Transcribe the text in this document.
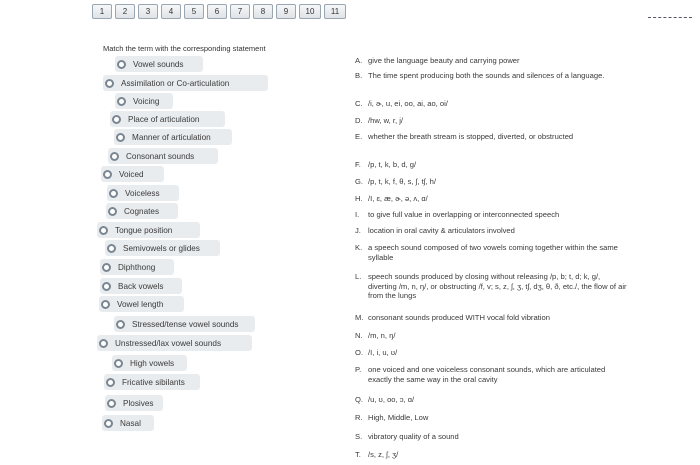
1	2	3	4	5	6	7	8	9	10	11
Match the term with the corresponding statement
Vowel sounds
Assimilation or Co-articulation
Voicing
Place of articulation
Manner of articulation
Consonant sounds
Voiced
Voiceless
Cognates
Tongue position
Semivowels or glides
Diphthong
Back vowels
Vowel length
Stressed/tense vowel sounds
Unstressed/lax vowel sounds
High vowels
Fricative sibilants
Plosives
Nasal
A. give the language beauty and carrying power
B. The time spent producing both the sounds and silences of a language.
C. /i, ɚ, u, ei, oo, ai, ao, oi/
D. /hw, w, r, j/
E. whether the breath stream is stopped, diverted, or obstructed
F. /p, t, k, b, d, g/
G. /p, t, k, f, θ, s, ʃ, tʃ, h/
H. /I, ɛ, æ, ɚ, ə, ʌ, ɑ/
I.	to give full value in overlapping or interconnected speech
J. location in oral cavity & articulators involved
K. a speech sound composed of two vowels coming together within the same syllable
L. speech sounds produced by closing without releasing /p, b; t, d; k, g/, diverting /m, n, ŋ/, or obstructing /f, v; s, z, ʃ, ʒ, tʃ, dʒ, θ, ð, etc./, the flow of air from the lungs
M. consonant sounds produced WITH vocal fold vibration
N. /m, n, ŋ/
O. /I, i, u, ʊ/
P. one voiced and one voiceless consonant sounds, which are articulated exactly the same way in the oral cavity
Q. /u, ʊ, oo, ɔ, ɑ/
R. High, Middle, Low
S. vibratory quality of a sound
T. /s, z, ʃ, ʒ/
